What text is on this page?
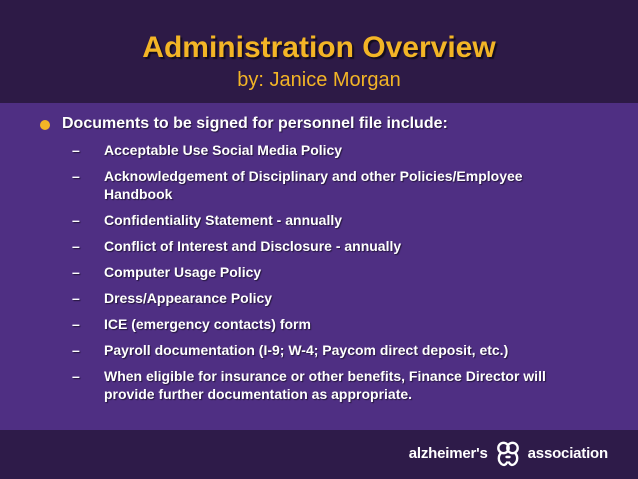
Administration Overview
by: Janice Morgan
Documents to be signed for personnel file include:
–	Acceptable Use Social Media Policy
–	Acknowledgement of Disciplinary and other Policies/Employee Handbook
–	Confidentiality Statement - annually
–	Conflict of Interest and Disclosure - annually
–	Computer Usage Policy
–	Dress/Appearance Policy
–	ICE (emergency contacts) form
–	Payroll documentation (I-9; W-4; Paycom direct deposit, etc.)
–	When eligible for insurance or other benefits, Finance Director will provide further documentation as appropriate.
alzheimer's	association
